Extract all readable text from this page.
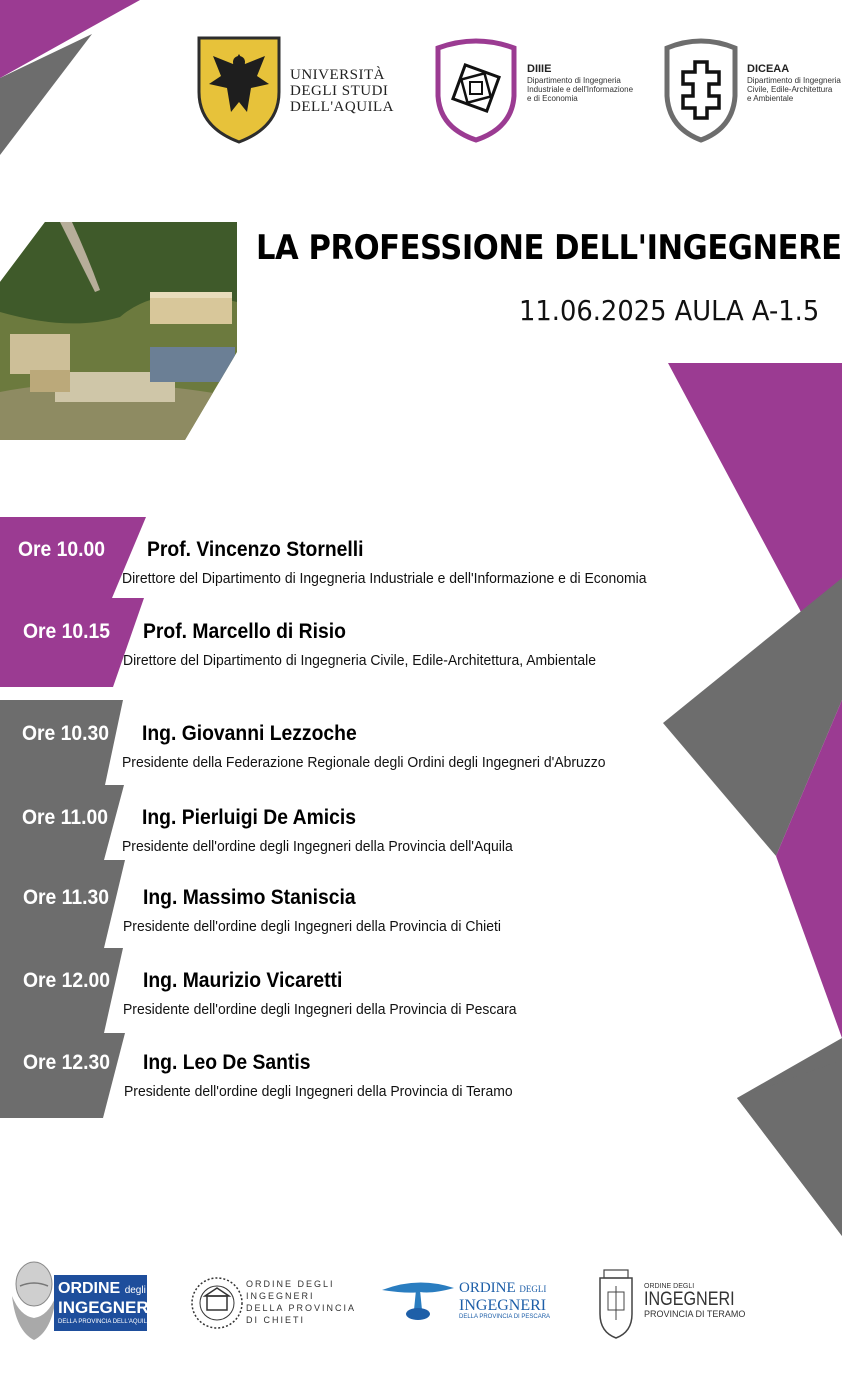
UNIVERSITÀ
DEGLI STUDI
DELL'AQUILA
DIIIE
Dipartimento di Ingegneria
Industriale e dell'Informazione
e di Economia
DICEAA
Dipartimento di Ingegneria
Civile, Edile-Architettura
e Ambientale
LA PROFESSIONE DELL'INGEGNERE
11.06.2025 AULA A-1.5
Ore 10.00 Prof. Vincenzo Stornelli
Direttore del Dipartimento di Ingegneria Industriale e dell'Informazione e di Economia
Ore 10.15 Prof. Marcello di Risio
Direttore del Dipartimento di Ingegneria Civile, Edile-Architettura, Ambientale
Ore 10.30 Ing. Giovanni Lezzoche
Presidente della Federazione Regionale degli Ordini degli Ingegneri d'Abruzzo
Ore 11.00 Ing. Pierluigi De Amicis
Presidente dell'ordine degli Ingegneri della Provincia dell'Aquila
Ore 11.30 Ing. Massimo Staniscia
Presidente dell'ordine degli Ingegneri della Provincia di Chieti
Ore 12.00 Ing. Maurizio Vicaretti
Presidente dell'ordine degli Ingegneri della Provincia di Pescara
Ore 12.30 Ing. Leo De Santis
Presidente dell'ordine degli Ingegneri della Provincia di Teramo
ORDINE degli
INGEGNERI
DELLA PROVINCIA DELL'AQUILA
ORDINE DEGLI
INGEGNERI
DELLA PROVINCIA
DI CHIETI
ORDINE DEGLI
INGEGNERI
DELLA PROVINCIA DI PESCARA
ORDINE DEGLI
INGEGNERI
PROVINCIA DI TERAMO
